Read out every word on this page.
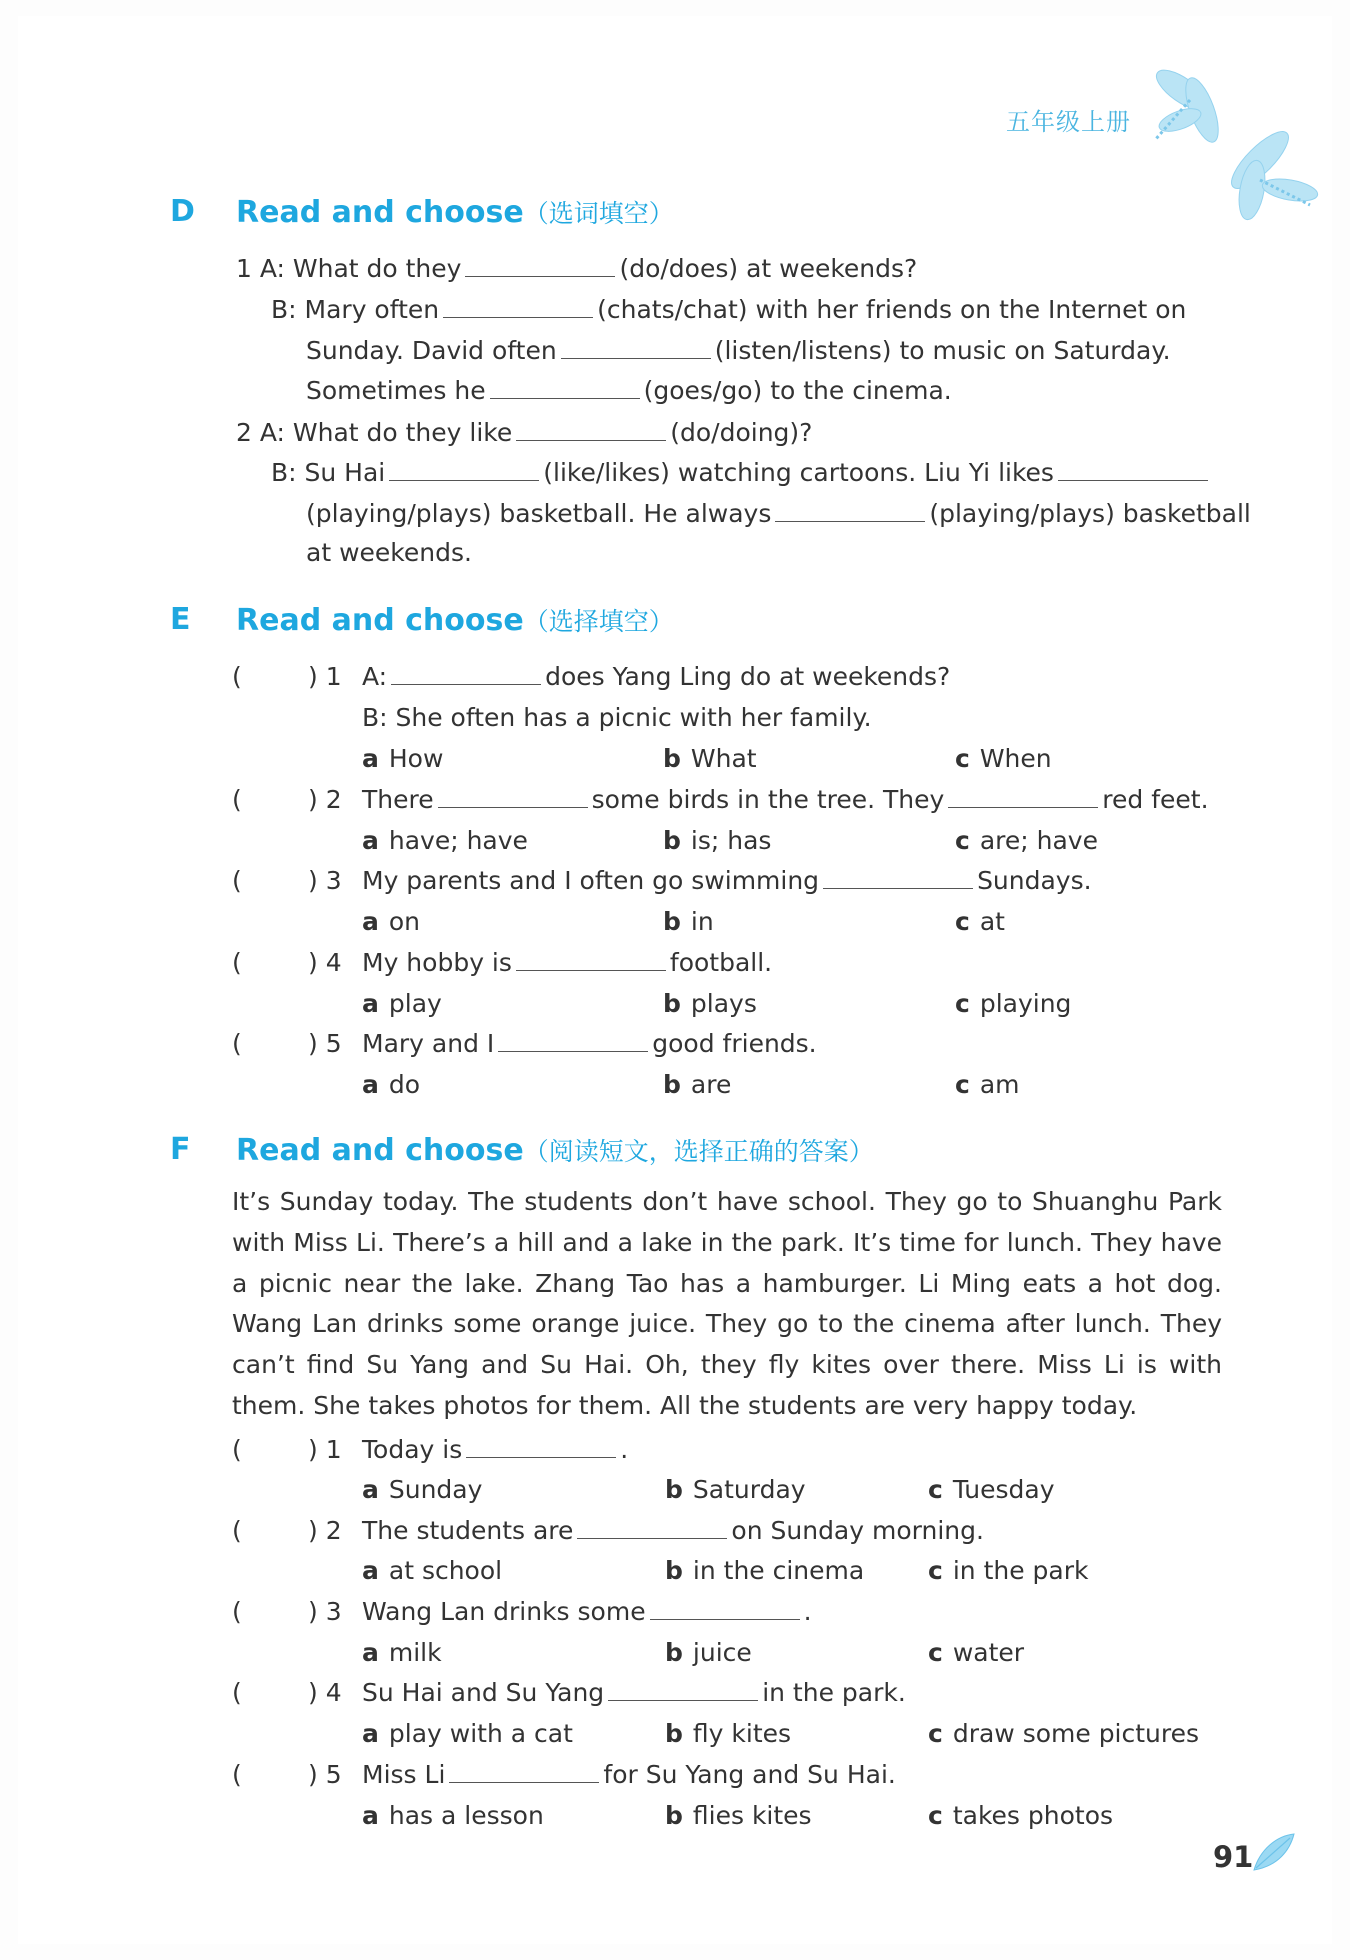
五年级上册
D Read and choose（选词填空）
1 A: What do they	(do/does) at weekends?
B: Mary often	(chats/chat) with her friends on the Internet on
Sunday. David often	(listen/listens) to music on Saturday.
Sometimes he	(goes/go) to the cinema.
2 A: What do they like	(do/doing)?
B: Su Hai	(like/likes) watching cartoons. Liu Yi likes
(playing/plays) basketball. He always	(playing/plays) basketball
at weekends.
E Read and choose（选择填空）
(	) 1 A:	does Yang Ling do at weekends?
B: She often has a picnic with her family.
a How	b What	c When
(	) 2 There	some birds in the tree. They	red feet.
a have; have	b is; has	c are; have
(	) 3 My parents and I often go swimming	Sundays.
a on	b in	c at
(	) 4 My hobby is	football.
a play	b plays	c playing
(	) 5 Mary and I	good friends.
a do	b are	c am
F Read and choose（阅读短文，选择正确的答案）
It’s Sunday today. The students don’t have school. They go to Shuanghu Park with Miss Li. There’s a hill and a lake in the park. It’s time for lunch. They have a picnic near the lake. Zhang Tao has a hamburger. Li Ming eats a hot dog. Wang Lan drinks some orange juice. They go to the cinema after lunch. They can’t find Su Yang and Su Hai. Oh, they fly kites over there. Miss Li is with them. She takes photos for them. All the students are very happy today.
(	) 1 Today is	.
a Sunday	b Saturday	c Tuesday
(	) 2 The students are	on Sunday morning.
a at school	b in the cinema	c in the park
(	) 3 Wang Lan drinks some	.
a milk	b juice	c water
(	) 4 Su Hai and Su Yang	in the park.
a play with a cat	b fly kites	c draw some pictures
(	) 5 Miss Li	for Su Yang and Su Hai.
a has a lesson	b flies kites	c takes photos
91
